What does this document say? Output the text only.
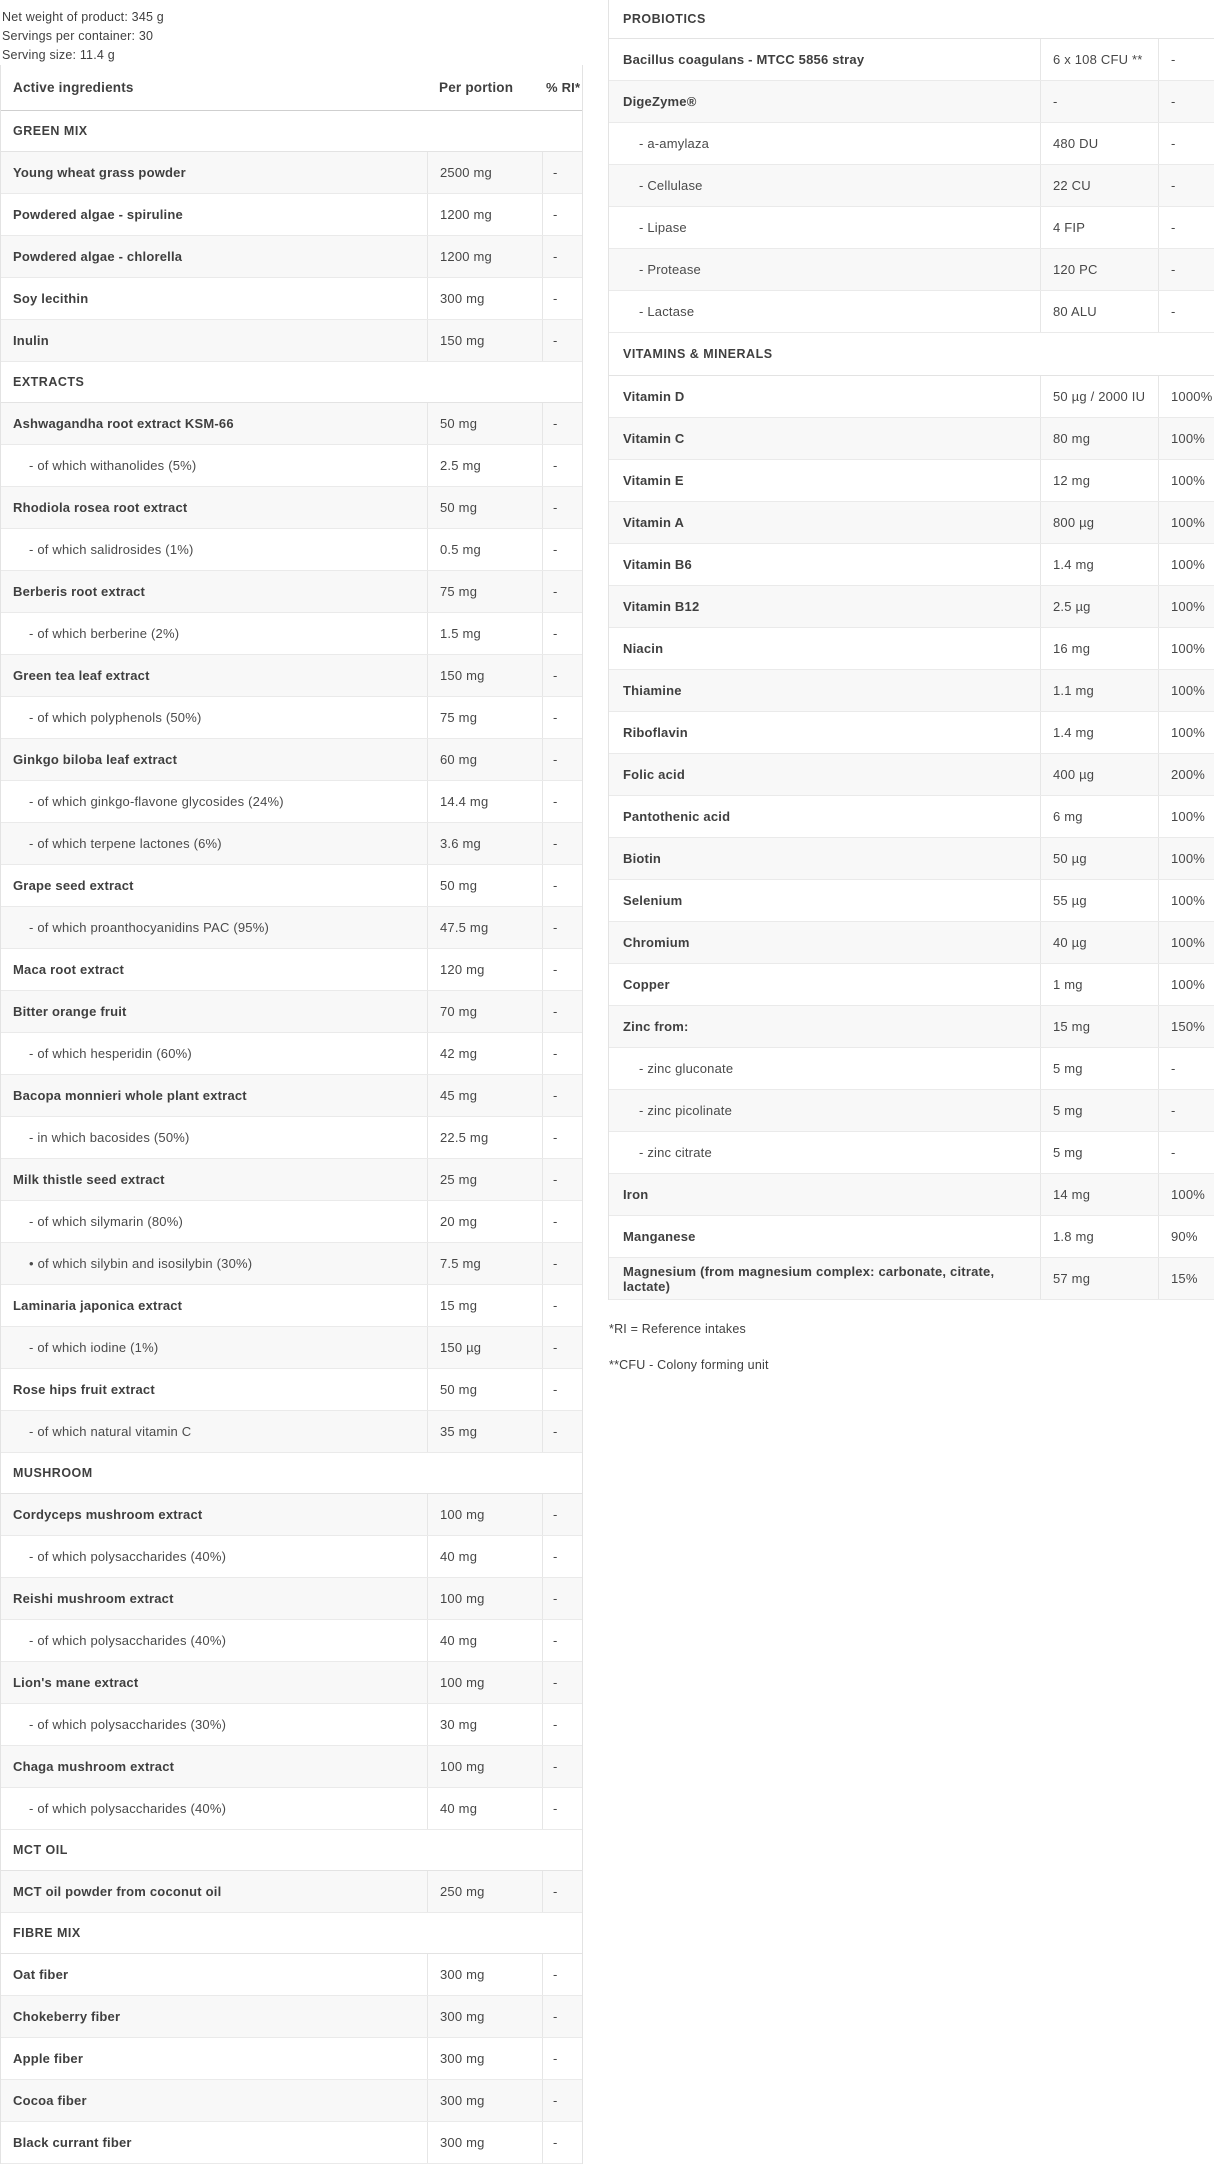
Net weight of product: 345 g
Servings per container: 30
Serving size: 11.4 g
Active ingredients	Per portion	% RI*
GREEN MIX
Young wheat grass powder	2500 mg	-
Powdered algae - spiruline	1200 mg	-
Powdered algae - chlorella	1200 mg	-
Soy lecithin	300 mg	-
Inulin	150 mg	-
EXTRACTS
Ashwagandha root extract KSM-66	50 mg	-
- of which withanolides (5%)	2.5 mg	-
Rhodiola rosea root extract	50 mg	-
- of which salidrosides (1%)	0.5 mg	-
Berberis root extract	75 mg	-
- of which berberine (2%)	1.5 mg	-
Green tea leaf extract	150 mg	-
- of which polyphenols (50%)	75 mg	-
Ginkgo biloba leaf extract	60 mg	-
- of which ginkgo-flavone glycosides (24%)	14.4 mg	-
- of which terpene lactones (6%)	3.6 mg	-
Grape seed extract	50 mg	-
- of which proanthocyanidins PAC (95%)	47.5 mg	-
Maca root extract	120 mg	-
Bitter orange fruit	70 mg	-
- of which hesperidin (60%)	42 mg	-
Bacopa monnieri whole plant extract	45 mg	-
- in which bacosides (50%)	22.5 mg	-
Milk thistle seed extract	25 mg	-
- of which silymarin (80%)	20 mg	-
• of which silybin and isosilybin (30%)	7.5 mg	-
Laminaria japonica extract	15 mg	-
- of which iodine (1%)	150 µg	-
Rose hips fruit extract	50 mg	-
- of which natural vitamin C	35 mg	-
MUSHROOM
Cordyceps mushroom extract	100 mg	-
- of which polysaccharides (40%)	40 mg	-
Reishi mushroom extract	100 mg	-
- of which polysaccharides (40%)	40 mg	-
Lion's mane extract	100 mg	-
- of which polysaccharides (30%)	30 mg	-
Chaga mushroom extract	100 mg	-
- of which polysaccharides (40%)	40 mg	-
MCT OIL
MCT oil powder from coconut oil	250 mg	-
FIBRE MIX
Oat fiber	300 mg	-
Chokeberry fiber	300 mg	-
Apple fiber	300 mg	-
Cocoa fiber	300 mg	-
Black currant fiber	300 mg	-
PROBIOTICS
Bacillus coagulans - MTCC 5856 stray	6 x 108 CFU **	-
DigeZyme®	-	-
- a-amylaza	480 DU	-
- Cellulase	22 CU	-
- Lipase	4 FIP	-
- Protease	120 PC	-
- Lactase	80 ALU	-
VITAMINS & MINERALS
Vitamin D	50 µg / 2000 IU	1000%
Vitamin C	80 mg	100%
Vitamin E	12 mg	100%
Vitamin A	800 µg	100%
Vitamin B6	1.4 mg	100%
Vitamin B12	2.5 µg	100%
Niacin	16 mg	100%
Thiamine	1.1 mg	100%
Riboflavin	1.4 mg	100%
Folic acid	400 µg	200%
Pantothenic acid	6 mg	100%
Biotin	50 µg	100%
Selenium	55 µg	100%
Chromium	40 µg	100%
Copper	1 mg	100%
Zinc from:	15 mg	150%
- zinc gluconate	5 mg	-
- zinc picolinate	5 mg	-
- zinc citrate	5 mg	-
Iron	14 mg	100%
Manganese	1.8 mg	90%
Magnesium (from magnesium complex: carbonate, citrate, lactate)	57 mg	15%
*RI = Reference intakes
**CFU - Colony forming unit
